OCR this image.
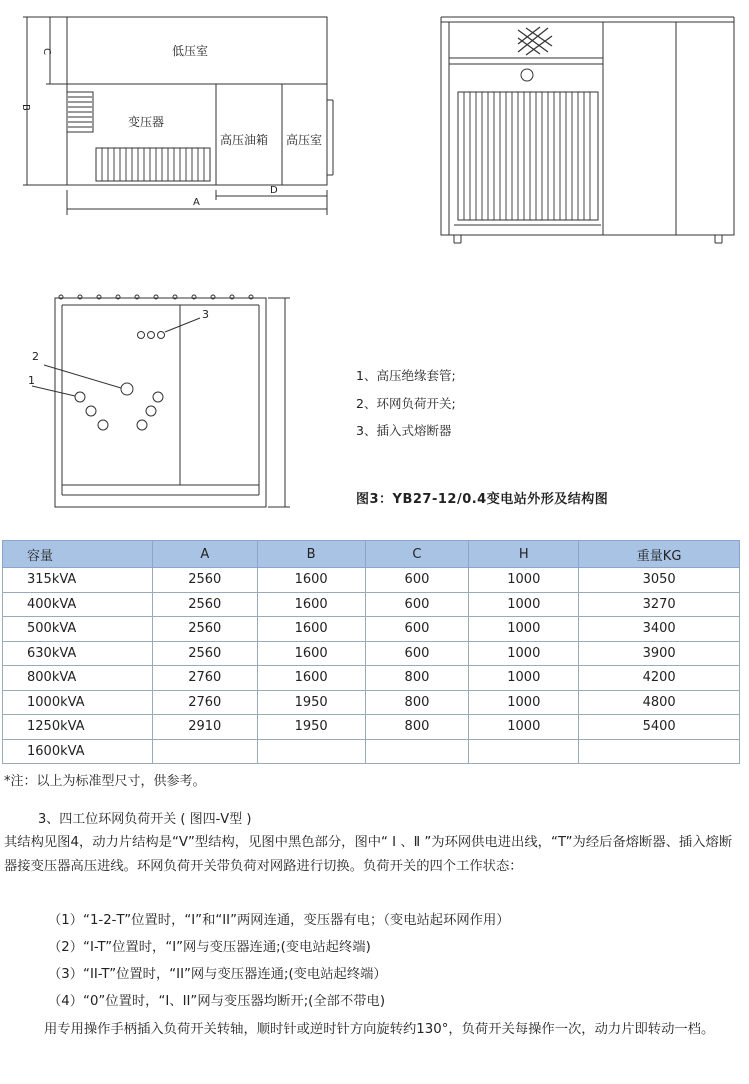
低压室
变压器
高压油箱 高压室
A
B
C
D
1
2
3
1、高压绝缘套管;
2、环网负荷开关;
3、插入式熔断器
图3：YB27-12/0.4变电站外形及结构图
容量	A	B	C	H	重量KG
315kVA	2560	1600	600	1000	3050
400kVA	2560	1600	600	1000	3270
500kVA	2560	1600	600	1000	3400
630kVA	2560	1600	600	1000	3900
800kVA	2760	1600	800	1000	4200
1000kVA	2760	1950	800	1000	4800
1250kVA	2910	1950	800	1000	5400
1600kVA					
*注：以上为标准型尺寸，供参考。
3、四工位环网负荷开关 ( 图四-V型 )
其结构见图4，动力片结构是“V”型结构，见图中黑色部分，图中“ Ⅰ 、Ⅱ ”为环网供电进出线，“T”为经后备熔断器、插入熔断器接变压器高压进线。环网负荷开关带负荷对网路进行切换。负荷开关的四个工作状态：
（1）“1-2-T”位置时，“I”和“II”两网连通，变压器有电；（变电站起环网作用）
（2）“I-T”位置时，“I”网与变压器连通;(变电站起终端)
（3）“II-T”位置时，“II”网与变压器连通;(变电站起终端）
（4）“0”位置时，“I、II”网与变压器均断开;(全部不带电)
用专用操作手柄插入负荷开关转轴，顺时针或逆时针方向旋转约130°，负荷开关每操作一次，动力片即转动一档。
